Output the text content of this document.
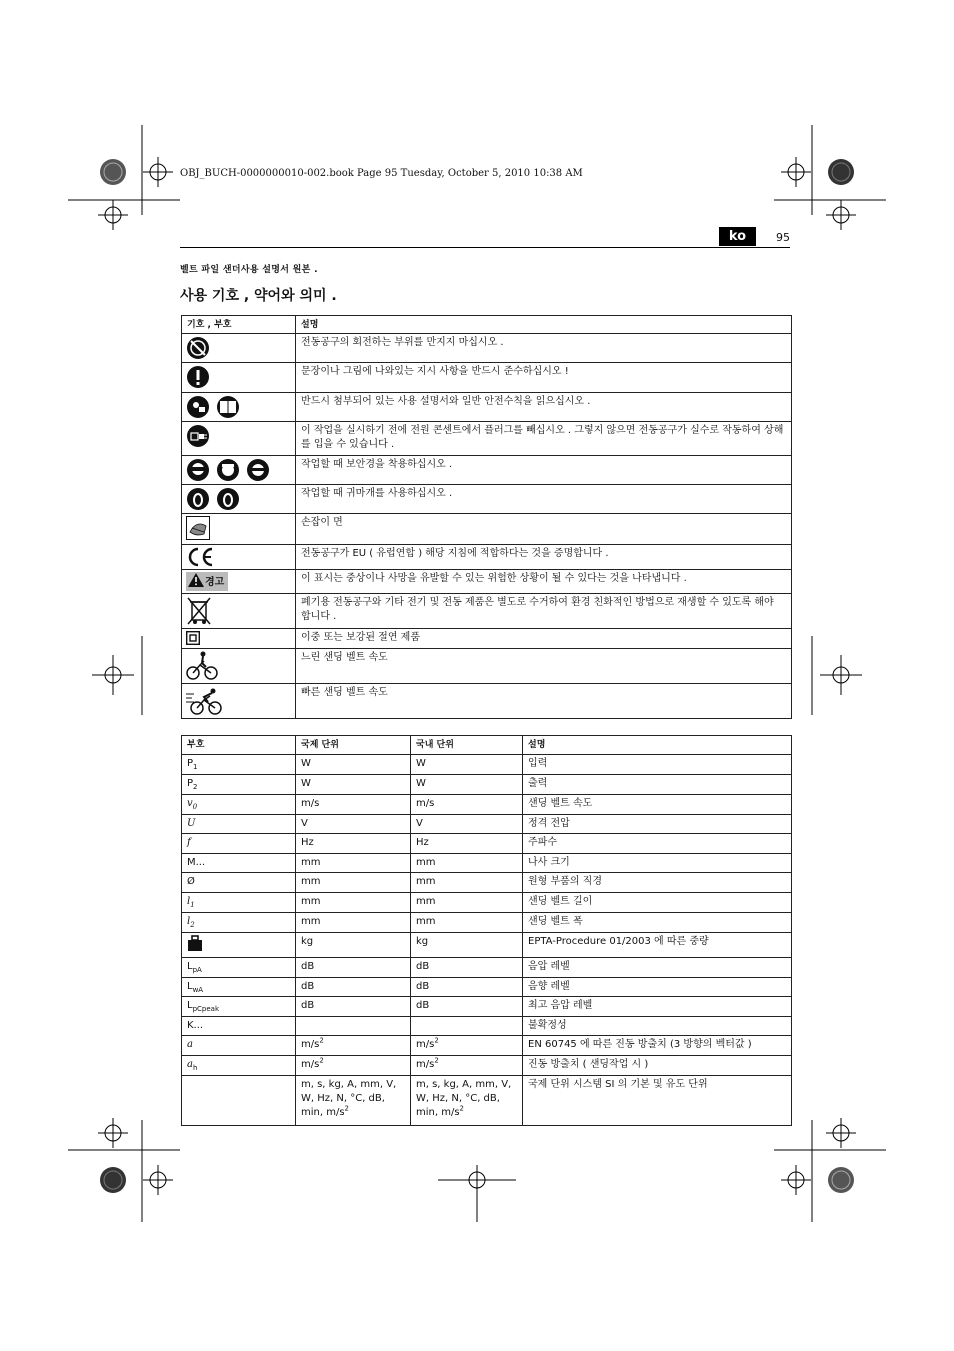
OBJ_BUCH-0000000010-002.book Page 95 Tuesday, October 5, 2010 10:38 AM
ko	95
벨트 파일 샌더사용 설명서 원본 .
사용 기호 , 약어와 의미 .
기호 , 부호	설명
	전동공구의 회전하는 부위를 만지지 마십시오 .
	문장이나 그림에 나와있는 지시 사항을 반드시 준수하십시오 !
	반드시 첨부되어 있는 사용 설명서와 일반 안전수칙을 읽으십시오 .
	이 작업을 실시하기 전에 전원 콘센트에서 플러그를 빼십시오 . 그렇지 않으면 전동공구가 실수로 작동하여 상해를 입을 수 있습니다 .
	작업할 때 보안경을 착용하십시오 .
	작업할 때 귀마개를 사용하십시오 .
	손잡이 면
	전동공구가 EU ( 유럽연합 ) 해당 지침에 적합하다는 것을 증명합니다 .
경고	이 표시는 중상이나 사망을 유발할 수 있는 위험한 상황이 될 수 있다는 것을 나타냅니다 .
	폐기용 전동공구와 기타 전기 및 전동 제품은 별도로 수거하여 환경 친화적인 방법으로 재생할 수 있도록 해야 합니다 .
	이중 또는 보강된 절연 제품
	느린 샌딩 벨트 속도
	빠른 샌딩 벨트 속도
부호	국제 단위	국내 단위	설명
$P_1$	W	W	입력
$P_2$	W	W	출력
$v_0$	m/s	m/s	샌딩 벨트 속도
U	V	V	정격 전압
f	Hz	Hz	주파수
M...	mm	mm	나사 크기
Ø	mm	mm	원형 부품의 직경
$l_1$	mm	mm	샌딩 벨트 길이
$l_2$	mm	mm	샌딩 벨트 폭
	kg	kg	EPTA-Procedure 01/2003 에 따른 중량
$L_{pA}$	dB	dB	음압 레벨
$L_{wA}$	dB	dB	음향 레벨
$L_{pCpeak}$	dB	dB	최고 음압 레벨
K...			불확정성
a	$m/s^2$	$m/s^2$	EN 60745 에 따른 진동 방출치 (3 방향의 벡터값 )
$a_h$	$m/s^2$	$m/s^2$	진동 방출치 ( 샌딩작업 시 )
	m, s, kg, A, mm, V, W, Hz, N, °C, dB, min, $m/s^2$	m, s, kg, A, mm, V, W, Hz, N, °C, dB, min, $m/s^2$	국제 단위 시스템 SI 의 기본 및 유도 단위
